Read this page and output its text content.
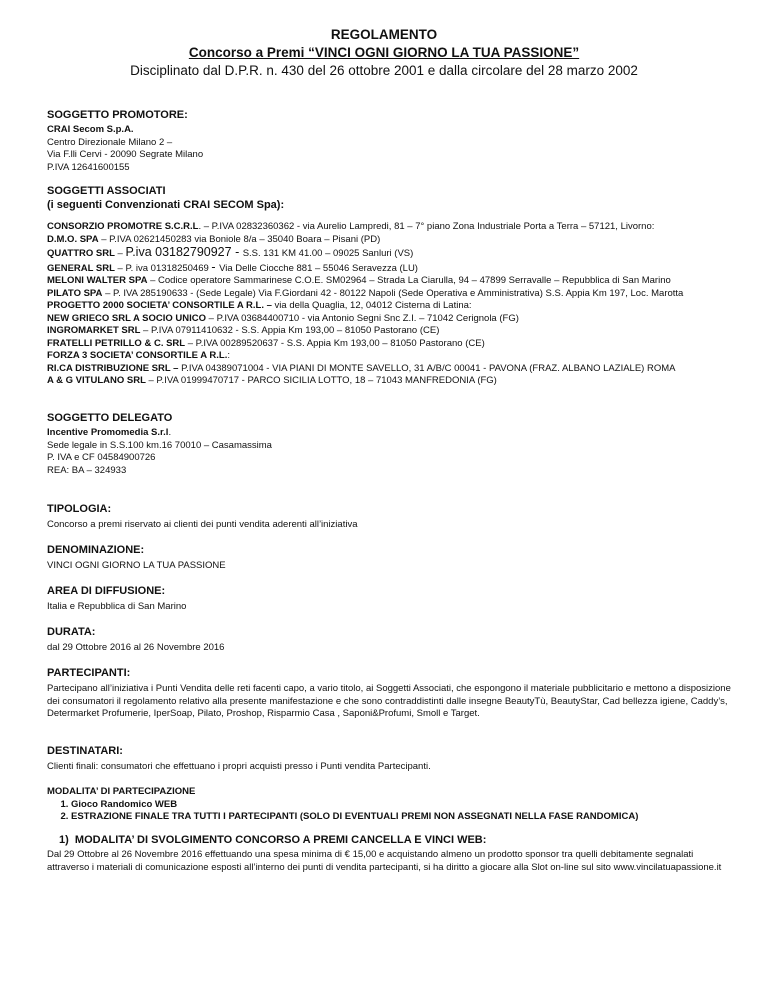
REGOLAMENTO
Concorso a Premi “VINCI OGNI GIORNO LA TUA PASSIONE”
Disciplinato dal D.P.R. n. 430 del 26 ottobre 2001 e dalla circolare del 28 marzo 2002

SOGGETTO PROMOTORE:

CRAI Secom S.p.A.

Centro Direzionale Milano 2 –

Via F.lli Cervi - 20090 Segrate Milano

P.IVA 12641600155

SOGGETTI ASSOCIATI

(i seguenti Convenzionati CRAI SECOM Spa):

CONSORZIO PROMOTRE S.C.R.L. – P.IVA 02832360362 - via Aurelio Lampredi, 81 – 7° piano Zona Industriale Porta a Terra – 57121, Livorno:

D.M.O. SPA – P.IVA 02621450283 via Boniole 8/a – 35040 Boara – Pisani (PD)

QUATTRO SRL – P.iva 03182790927 - S.S. 131 KM 41.00 – 09025 Sanluri (VS)

GENERAL SRL – P. iva 01318250469 - Via Delle Ciocche 881 – 55046 Seravezza (LU)

MELONI WALTER SPA – Codice operatore Sammarinese C.O.E. SM02964 – Strada La Ciarulla, 94 – 47899 Serravalle – Repubblica di San Marino

PILATO SPA – P. IVA 285190633 - (Sede Legale) Via F.Giordani 42 - 80122 Napoli (Sede Operativa e Amministrativa) S.S. Appia Km 197, Loc. Marotta

PROGETTO 2000 SOCIETA’ CONSORTILE A R.L. – via della Quaglia, 12, 04012 Cisterna di Latina:

NEW GRIECO SRL A SOCIO UNICO – P.IVA 03684400710 - via Antonio Segni Snc Z.I. – 71042 Cerignola (FG)

INGROMARKET SRL – P.IVA 07911410632 - S.S. Appia Km 193,00 – 81050 Pastorano (CE)

FRATELLI PETRILLO & C. SRL – P.IVA 00289520637 - S.S. Appia Km 193,00 – 81050 Pastorano (CE)

FORZA 3 SOCIETA’ CONSORTILE A R.L.:

RI.CA DISTRIBUZIONE SRL – P.IVA 04389071004 - VIA PIANI DI MONTE SAVELLO, 31 A/B/C 00041 - PAVONA (FRAZ. ALBANO LAZIALE) ROMA

A & G VITULANO SRL – P.IVA 01999470717 - PARCO SICILIA LOTTO, 18 – 71043 MANFREDONIA (FG)

SOGGETTO DELEGATO

Incentive Promomedia S.r.l.

Sede legale in S.S.100 km.16 70010 – Casamassima

P. IVA e CF 04584900726

REA: BA – 324933

TIPOLOGIA:

Concorso a premi riservato ai clienti dei punti vendita aderenti all’iniziativa

DENOMINAZIONE:

VINCI OGNI GIORNO LA TUA PASSIONE

AREA DI DIFFUSIONE:

Italia e Repubblica di San Marino

DURATA:

dal 29 Ottobre 2016 al 26 Novembre 2016

PARTECIPANTI:

Partecipano all’iniziativa i Punti Vendita delle reti facenti capo, a vario titolo, ai Soggetti Associati, che espongono il materiale pubblicitario e mettono a disposizione dei consumatori il regolamento relativo alla presente manifestazione e che sono contraddistinti dalle insegne BeautyTù, BeautyStar, Cad bellezza igiene, Caddy’s, Determarket Profumerie, IperSoap, Pilato, Proshop, Risparmio Casa , Saponi&Profumi, Smoll e Target.

DESTINATARI:

Clienti finali: consumatori che effettuano i propri acquisti presso i Punti vendita Partecipanti.

MODALITA’ DI PARTECIPAZIONE

1. Gioco Randomico WEB
2. ESTRAZIONE FINALE TRA TUTTI I PARTECIPANTI (SOLO DI EVENTUALI PREMI NON ASSEGNATI NELLA FASE RANDOMICA)

1) MODALITA’ DI SVOLGIMENTO CONCORSO A PREMI CANCELLA E VINCI WEB:

Dal 29 Ottobre al 26 Novembre 2016 effettuando una spesa minima di € 15,00 e acquistando almeno un prodotto sponsor tra quelli debitamente segnalati attraverso i materiali di comunicazione esposti all’interno dei punti di vendita partecipanti, si ha diritto a giocare alla Slot on-line sul sito www.vincilatuapassione.it
